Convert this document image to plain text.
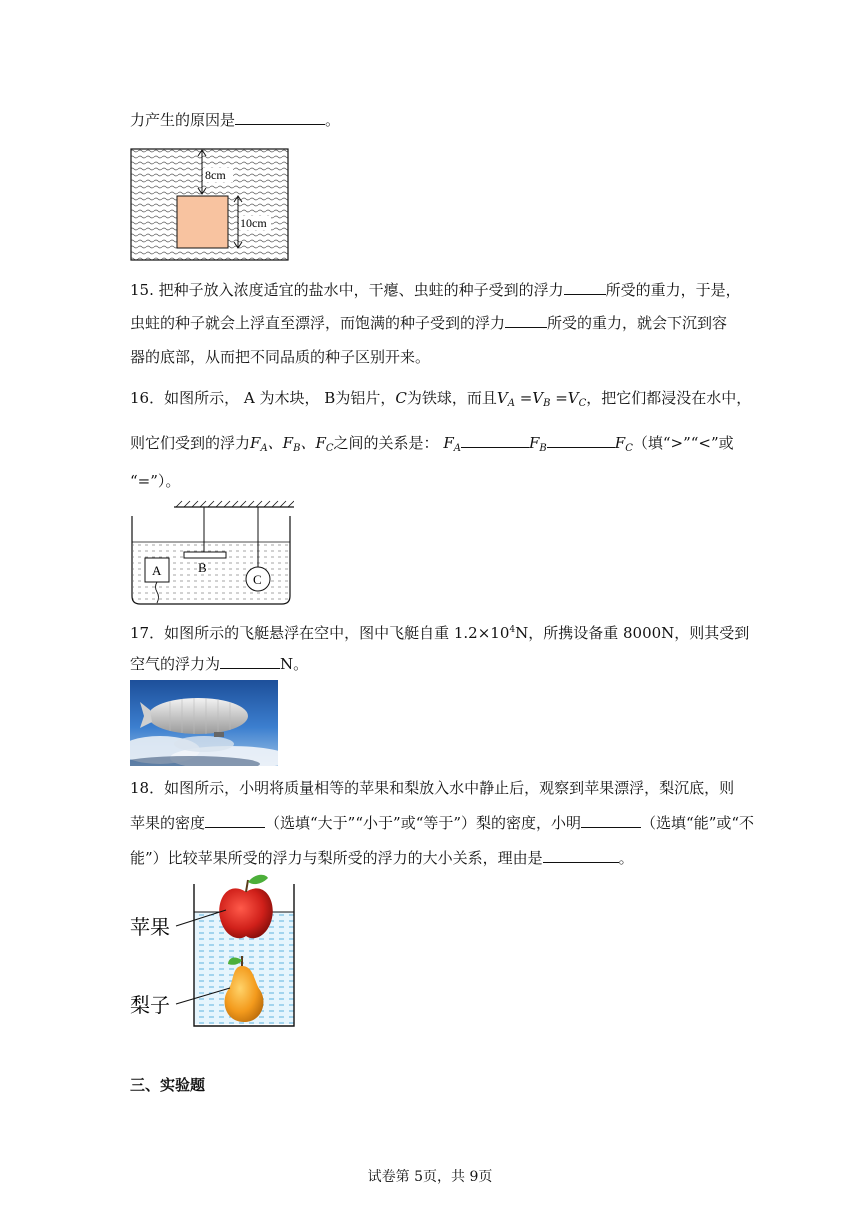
力产生的原因是	。
8cm
10cm
15. 把种子放入浓度适宜的盐水中，干瘪、虫蛀的种子受到的浮力	所受的重力，于是，
虫蛀的种子就会上浮直至漂浮，而饱满的种子受到的浮力	所受的重力，就会下沉到容
器的底部，从而把不同品质的种子区别开来。
16．如图所示， A 为木块， B为铝片，C为铁球，而且$V_A =V_B =V_C$，把它们都浸没在水中，
则它们受到的浮力$F_A$、$F_B$、$F_C$之间的关系是： $F_A$	$F_B$	$F_C$（填“>”“<”或
“=”）。
B
A
C
17．如图所示的飞艇悬浮在空中，图中飞艇自重 $1.2\times 10^4N$，所携设备重 8000N，则其受到
空气的浮力为	N。
18．如图所示，小明将质量相等的苹果和梨放入水中静止后，观察到苹果漂浮，梨沉底，则
苹果的密度	（选填“大于”“小于”或“等于”）梨的密度，小明	（选填“能”或“不
能”）比较苹果所受的浮力与梨所受的浮力的大小关系，理由是	。
苹果
梨子
三、实验题
试卷第 5页，共 9页
